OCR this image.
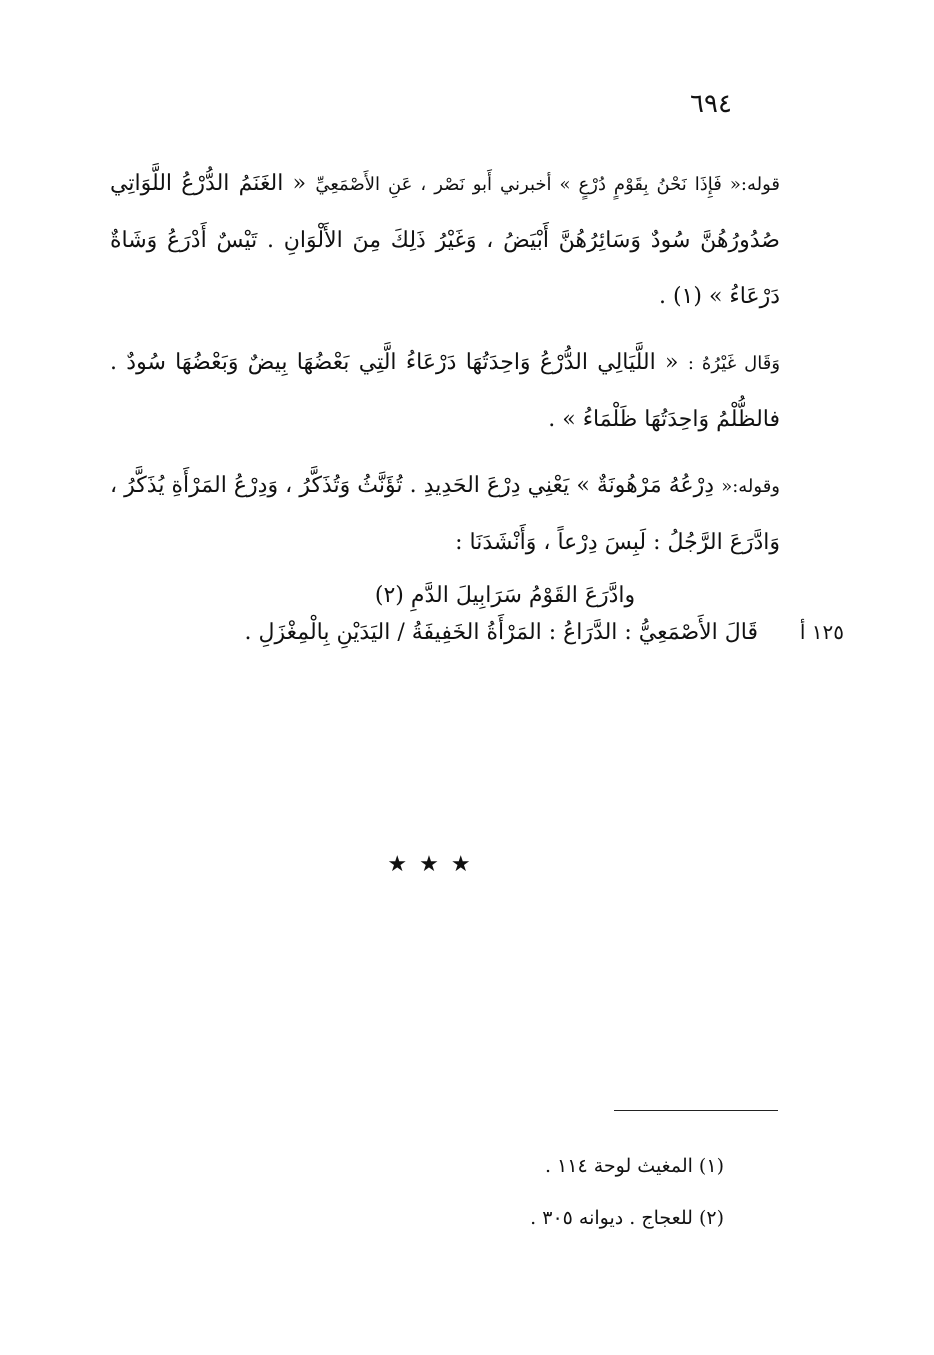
٦٩٤

قوله:« فَإِذَا نَحْنُ بِقَوْمٍ دُرْعٍ » أخبرني أَبو نَصْر ، عَنِ الأَصْمَعِيِّ « الغَنَمُ الدُّرْعُ اللَّوَاتِي صُدُورُهُنَّ سُودٌ وَسَائِرُهُنَّ أَبْيَضُ ، وَغَيْرُ ذَلِكَ مِنَ الأَلْوَانِ . تَيْسٌ أَدْرَعُ وَشَاةٌ دَرْعَاءُ » (١) .

وَقَال غَيْرُهُ : « اللَّيَالِي الدُّرْعُ وَاحِدَتُهَا دَرْعَاءُ الَّتِي بَعْضُهَا بِيضٌ وَبَعْضُهَا سُودٌ . فالظُّلْمُ وَاحِدَتُهَا ظَلْمَاءُ » .

وقوله:« دِرْعُهُ مَرْهُونَةٌ » يَعْنِي دِرْعَ الحَدِيدِ . تُؤَنَّثُ وَتُذَكَّرُ ، وَدِرْعُ المَرْأَةِ يُذَكَّرُ ، وَادَّرَعَ الرَّجُلُ : لَبِسَ دِرْعاً ، وَأَنْشَدَنَا :

وادَّرَعَ القَوْمُ سَرَابِيلَ الدَّمِ (٢)

١٢٥ أ
قَالَ الأَصْمَعِيُّ : الدَّرَاعُ : المَرْأَةُ الخَفِيفَةُ / اليَدَيْنِ بِالْمِغْزَلِ .
★★★

(١) المغيث لوحة ١١٤ .

(٢) للعجاج . ديوانه ٣٠٥ .
